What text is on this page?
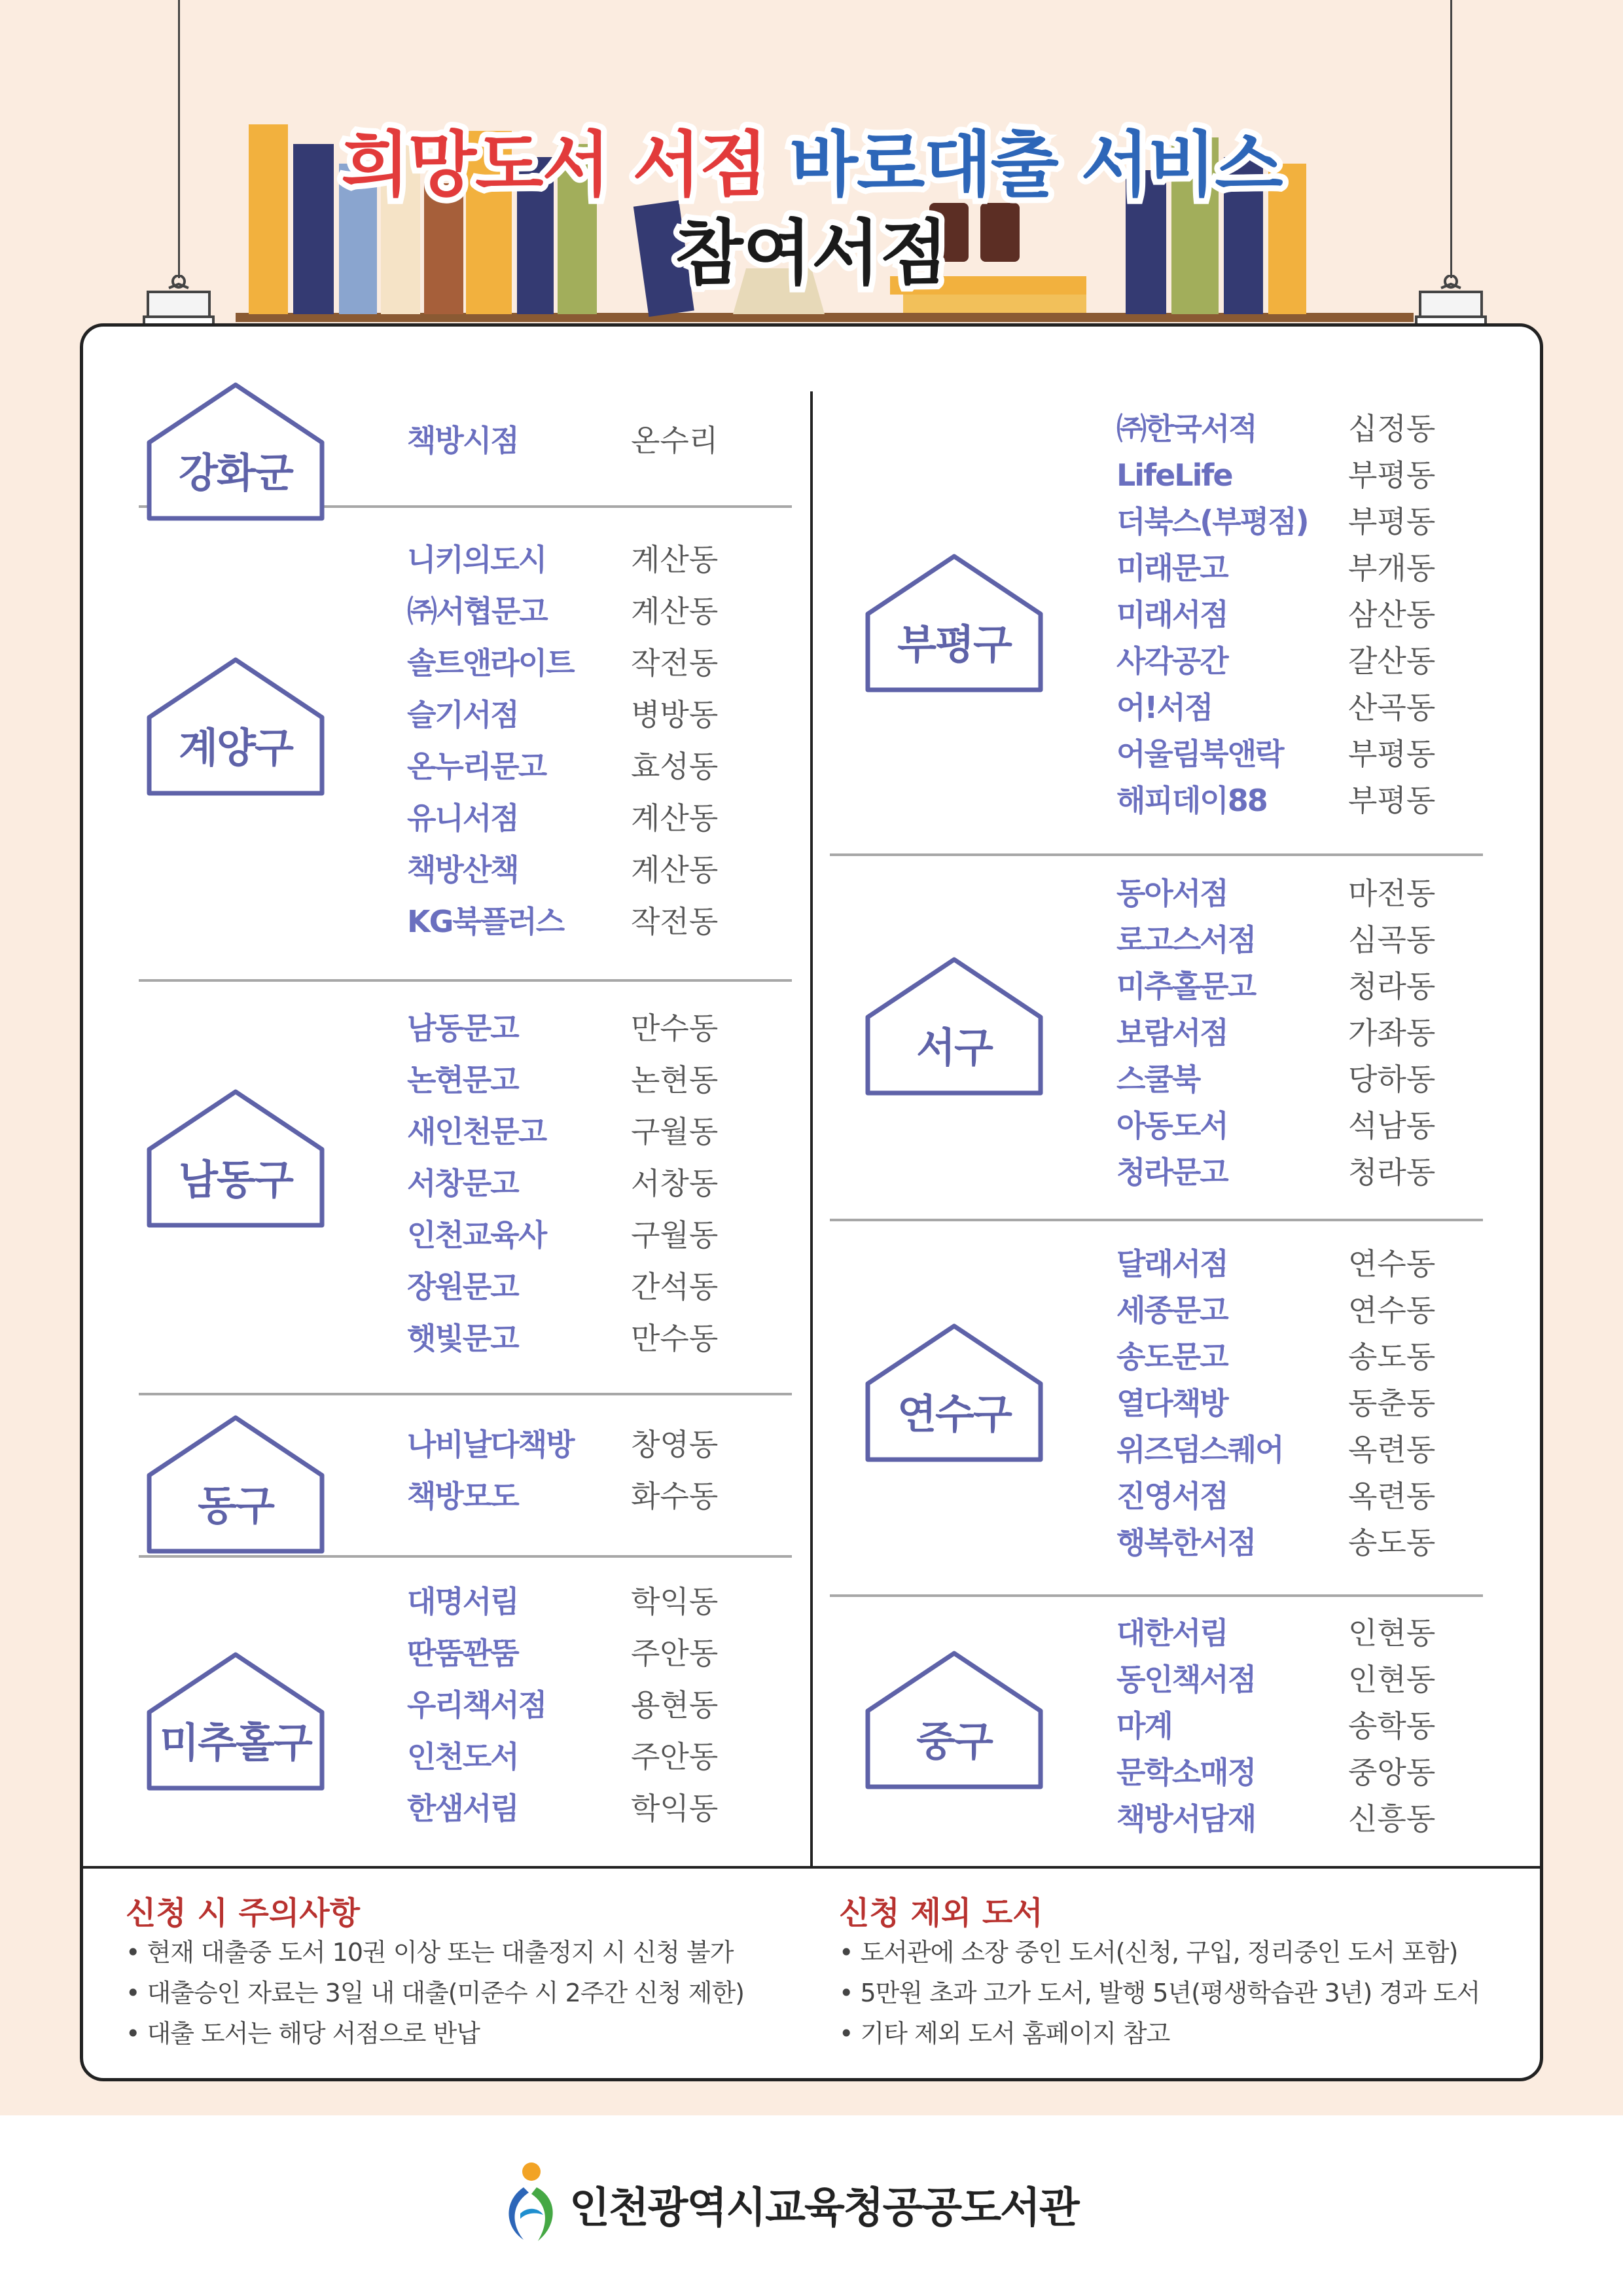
희망도서 서점 바로대출 서비스
참여서점
강화군
책방시점	온수리
계양구
니키의도시	계산동
㈜서협문고	계산동
솔트앤라이트 작전동
슬기서점	병방동
온누리문고	효성동
유니서점	계산동
책방산책	계산동
KG북플러스 작전동
남동구
남동문고	만수동
논현문고	논현동
새인천문고	구월동
서창문고	서창동
인천교육사	구월동
장원문고	간석동
햇빛문고	만수동
동구
나비날다책방 창영동
책방모도	화수동
미추홀구
대명서림	학익동
딴뚬꽌뚬	주안동
우리책서점	용현동
인천도서	주안동
한샘서림	학익동
부평구
㈜한국서적	십정동
LifeLife	부평동
더북스(부평점) 부평동
미래문고	부개동
미래서점	삼산동
사각공간	갈산동
어!서점	산곡동
어울림북앤락 부평동
해피데이88	부평동
서구
동아서점	마전동
로고스서점	심곡동
미추홀문고	청라동
보람서점	가좌동
스쿨북	당하동
아동도서	석남동
청라문고	청라동
연수구
달래서점	연수동
세종문고	연수동
송도문고	송도동
열다책방	동춘동
위즈덤스퀘어 옥련동
진영서점	옥련동
행복한서점	송도동
중구
대한서림	인현동
동인책서점	인현동
마계	송학동
문학소매정	중앙동
책방서담재	신흥동
신청 시 주의사항
• 현재 대출중 도서 10권 이상 또는 대출정지 시 신청 불가
• 대출승인 자료는 3일 내 대출(미준수 시 2주간 신청 제한)
• 대출 도서는 해당 서점으로 반납
신청 제외 도서
• 도서관에 소장 중인 도서(신청, 구입, 정리중인 도서 포함)
• 5만원 초과 고가 도서, 발행 5년(평생학습관 3년) 경과 도서
• 기타 제외 도서 홈페이지 참고
인천광역시교육청공공도서관
